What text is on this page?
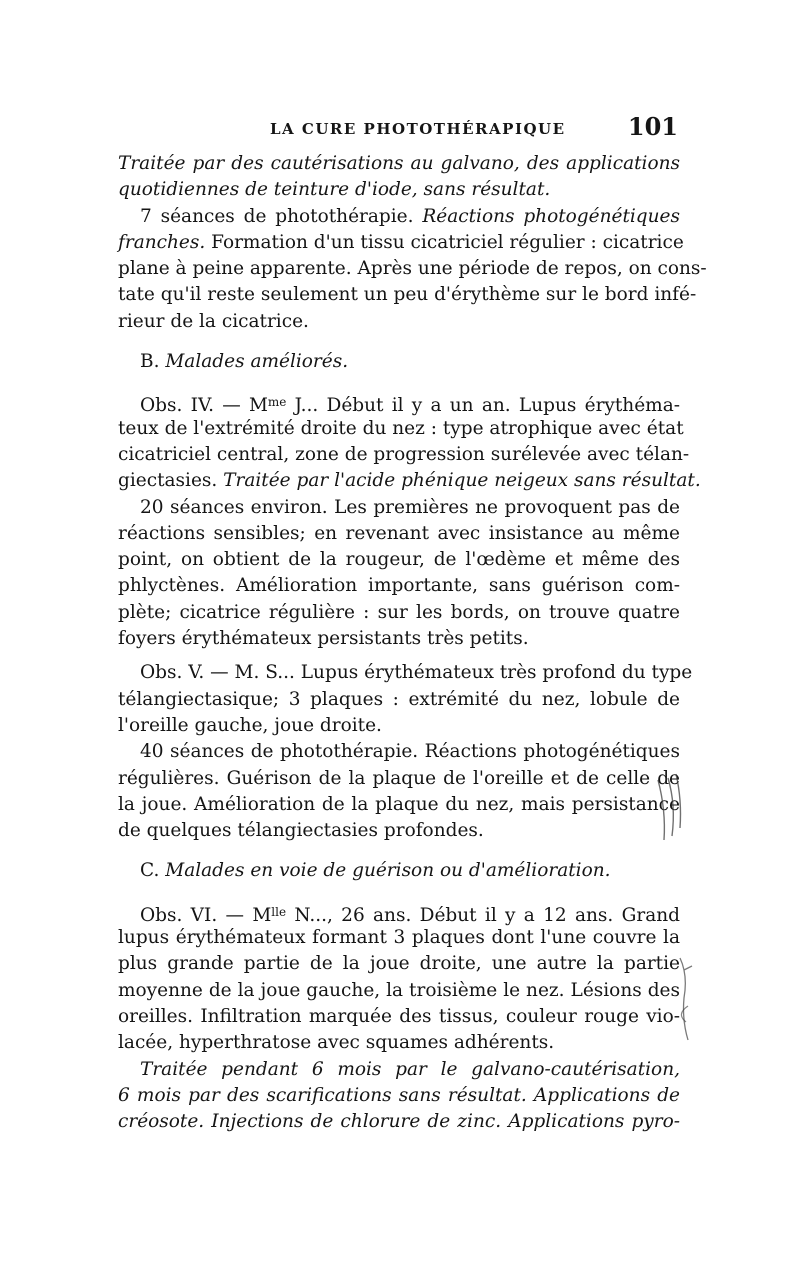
LA CURE PHOTOTHÉRAPIQUE	101
Traitée par des cautérisations au galvano, des applications
quotidiennes de teinture d'iode, sans résultat.
7 séances de photothérapie. Réactions photogénétiques
franches. Formation d'un tissu cicatriciel régulier : cicatrice
plane à peine apparente. Après une période de repos, on cons-
tate qu'il reste seulement un peu d'érythème sur le bord infé-
rieur de la cicatrice.
B. Malades améliorés.
Obs. IV. — $M^{me}$ J... Début il y a un an. Lupus érythéma-
teux de l'extrémité droite du nez : type atrophique avec état
cicatriciel central, zone de progression surélevée avec télan-
giectasies. Traitée par l'acide phénique neigeux sans résultat.
20 séances environ. Les premières ne provoquent pas de
réactions sensibles; en revenant avec insistance au même
point, on obtient de la rougeur, de l'œdème et même des
phlyctènes. Amélioration importante, sans guérison com-
plète; cicatrice régulière : sur les bords, on trouve quatre
foyers érythémateux persistants très petits.
Obs. V. — M. S... Lupus érythémateux très profond du type
télangiectasique; 3 plaques : extrémité du nez, lobule de
l'oreille gauche, joue droite.
40 séances de photothérapie. Réactions photogénétiques
régulières. Guérison de la plaque de l'oreille et de celle de
la joue. Amélioration de la plaque du nez, mais persistance
de quelques télangiectasies profondes.
C. Malades en voie de guérison ou d'amélioration.
Obs. VI. — $M^{lle}$ N..., 26 ans. Début il y a 12 ans. Grand
lupus érythémateux formant 3 plaques dont l'une couvre la
plus grande partie de la joue droite, une autre la partie
moyenne de la joue gauche, la troisième le nez. Lésions des
oreilles. Infiltration marquée des tissus, couleur rouge vio-
lacée, hyperthratose avec squames adhérents.
Traitée pendant 6 mois par le galvano-cautérisation,
6 mois par des scarifications sans résultat. Applications de
créosote. Injections de chlorure de zinc. Applications pyro-
